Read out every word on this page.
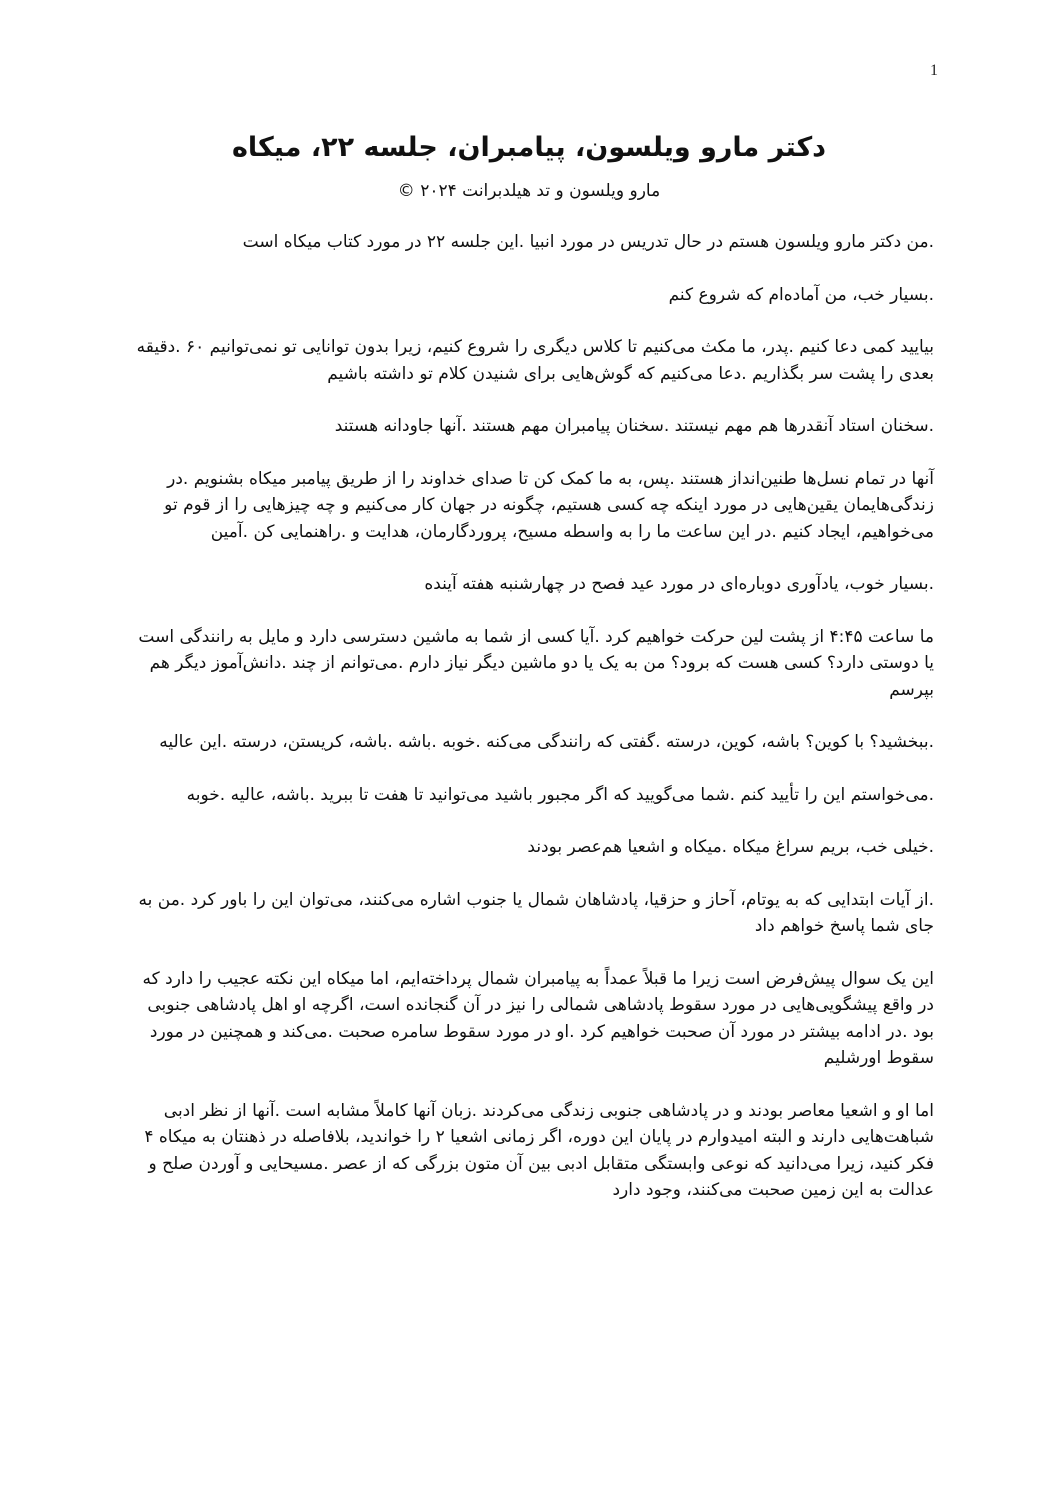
1
دکتر مارو ویلسون، پیامبران، جلسه ۲۲، میکاه
مارو ویلسون و تد هیلدبرانت ۲۰۲۴ ©

.من دکتر مارو ویلسون هستم در حال تدریس در مورد انبیا .این جلسه ۲۲ در مورد کتاب میکاه است

.بسیار خب، من آماده‌ام که شروع کنم

بیایید کمی دعا کنیم .پدر، ما مکث می‌کنیم تا کلاس دیگری را شروع کنیم، زیرا بدون توانایی تو نمی‌توانیم ۶۰ .دقیقه بعدی را پشت سر بگذاریم .دعا می‌کنیم که گوش‌هایی برای شنیدن کلام تو داشته باشیم

.سخنان استاد آنقدرها هم مهم نیستند .سخنان پیامبران مهم هستند .آنها جاودانه هستند

آنها در تمام نسل‌ها طنین‌انداز هستند .پس، به ما کمک کن تا صدای خداوند را از طریق پیامبر میکاه بشنویم .در زندگی‌هایمان یقین‌هایی در مورد اینکه چه کسی هستیم، چگونه در جهان کار می‌کنیم و چه چیزهایی را از قوم تو می‌خواهیم، ایجاد کنیم .در این ساعت ما را به واسطه مسیح، پروردگارمان، هدایت و .راهنمایی کن .آمین

.بسیار خوب، یادآوری دوباره‌ای در مورد عید فصح در چهارشنبه هفته آینده

ما ساعت ۴:۴۵ از پشت لین حرکت خواهیم کرد .آیا کسی از شما به ماشین دسترسی دارد و مایل به رانندگی است یا دوستی دارد؟ کسی هست که برود؟ من به یک یا دو ماشین دیگر نیاز دارم .می‌توانم از چند .دانش‌آموز دیگر هم بپرسم

.ببخشید؟ با کوین؟ باشه، کوین، درسته .گفتی که رانندگی می‌کنه .خوبه .باشه .باشه، کریستن، درسته .این عالیه

.می‌خواستم این را تأیید کنم .شما می‌گویید که اگر مجبور باشید می‌توانید تا هفت تا ببرید .باشه، عالیه .خوبه

.خیلی خب، بریم سراغ میکاه .میکاه و اشعیا هم‌عصر بودند

.از آیات ابتدایی که به یوتام، آحاز و حزقیا، پادشاهان شمال یا جنوب اشاره می‌کنند، می‌توان این را باور کرد .من به جای شما پاسخ خواهم داد

این یک سوال پیش‌فرض است زیرا ما قبلاً عمداً به پیامبران شمال پرداخته‌ایم، اما میکاه این نکته عجیب را دارد که در واقع پیشگویی‌هایی در مورد سقوط پادشاهی شمالی را نیز در آن گنجانده است، اگرچه او اهل پادشاهی جنوبی بود .در ادامه بیشتر در مورد آن صحبت خواهیم کرد .او در مورد سقوط سامره صحبت .می‌کند و همچنین در مورد سقوط اورشلیم

اما او و اشعیا معاصر بودند و در پادشاهی جنوبی زندگی می‌کردند .زبان آنها کاملاً مشابه است .آنها از نظر ادبی شباهت‌هایی دارند و البته امیدوارم در پایان این دوره، اگر زمانی اشعیا ۲ را خواندید، بلافاصله در ذهنتان به میکاه ۴ فکر کنید، زیرا می‌دانید که نوعی وابستگی متقابل ادبی بین آن متون بزرگی که از عصر .مسیحایی و آوردن صلح و عدالت به این زمین صحبت می‌کنند، وجود دارد
